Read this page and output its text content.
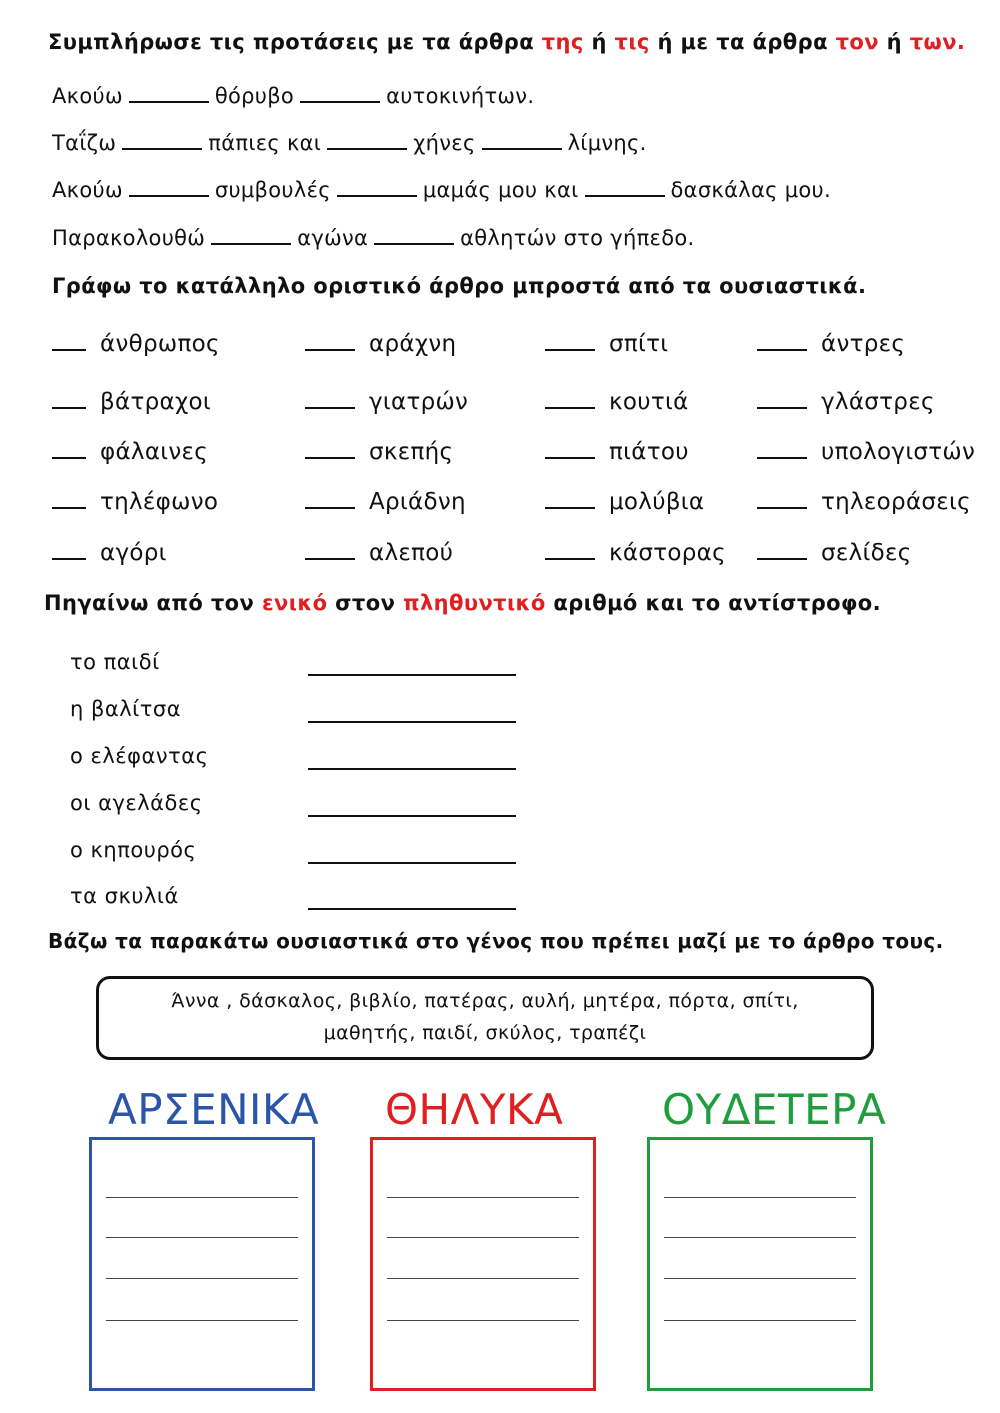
Συμπλήρωσε τις προτάσεις με τα άρθρα της ή τις ή με τα άρθρα τον ή των.
Ακούω	θόρυβο	αυτοκινήτων.
Ταΐζω	πάπιες και	χήνες	λίμνης.
Ακούω	συμβουλές	μαμάς μου και	δασκάλας μου.
Παρακολουθώ	αγώνα	αθλητών στο γήπεδο.
Γράφω το κατάλληλο οριστικό άρθρο μπροστά από τα ουσιαστικά.
άνθρωπος	αράχνη	σπίτι	άντρες
βάτραχοι	γιατρών	κουτιά	γλάστρες
φάλαινες	σκεπής	πιάτου	υπολογιστών
τηλέφωνο	Αριάδνη	μολύβια	τηλεοράσεις
αγόρι	αλεπού	κάστορας	σελίδες
Πηγαίνω από τον ενικό στον πληθυντικό αριθμό και το αντίστροφο.
το παιδί
η βαλίτσα
ο ελέφαντας
οι αγελάδες
ο κηπουρός
τα σκυλιά
Βάζω τα παρακάτω ουσιαστικά στο γένος που πρέπει μαζί με το άρθρο τους.
Άννα , δάσκαλος, βιβλίο, πατέρας, αυλή, μητέρα, πόρτα, σπίτι,
μαθητής, παιδί, σκύλος, τραπέζι
ΑΡΣΕΝΙΚΑ ΘΗΛΥΚΑ ΟΥΔΕΤΕΡΑ
